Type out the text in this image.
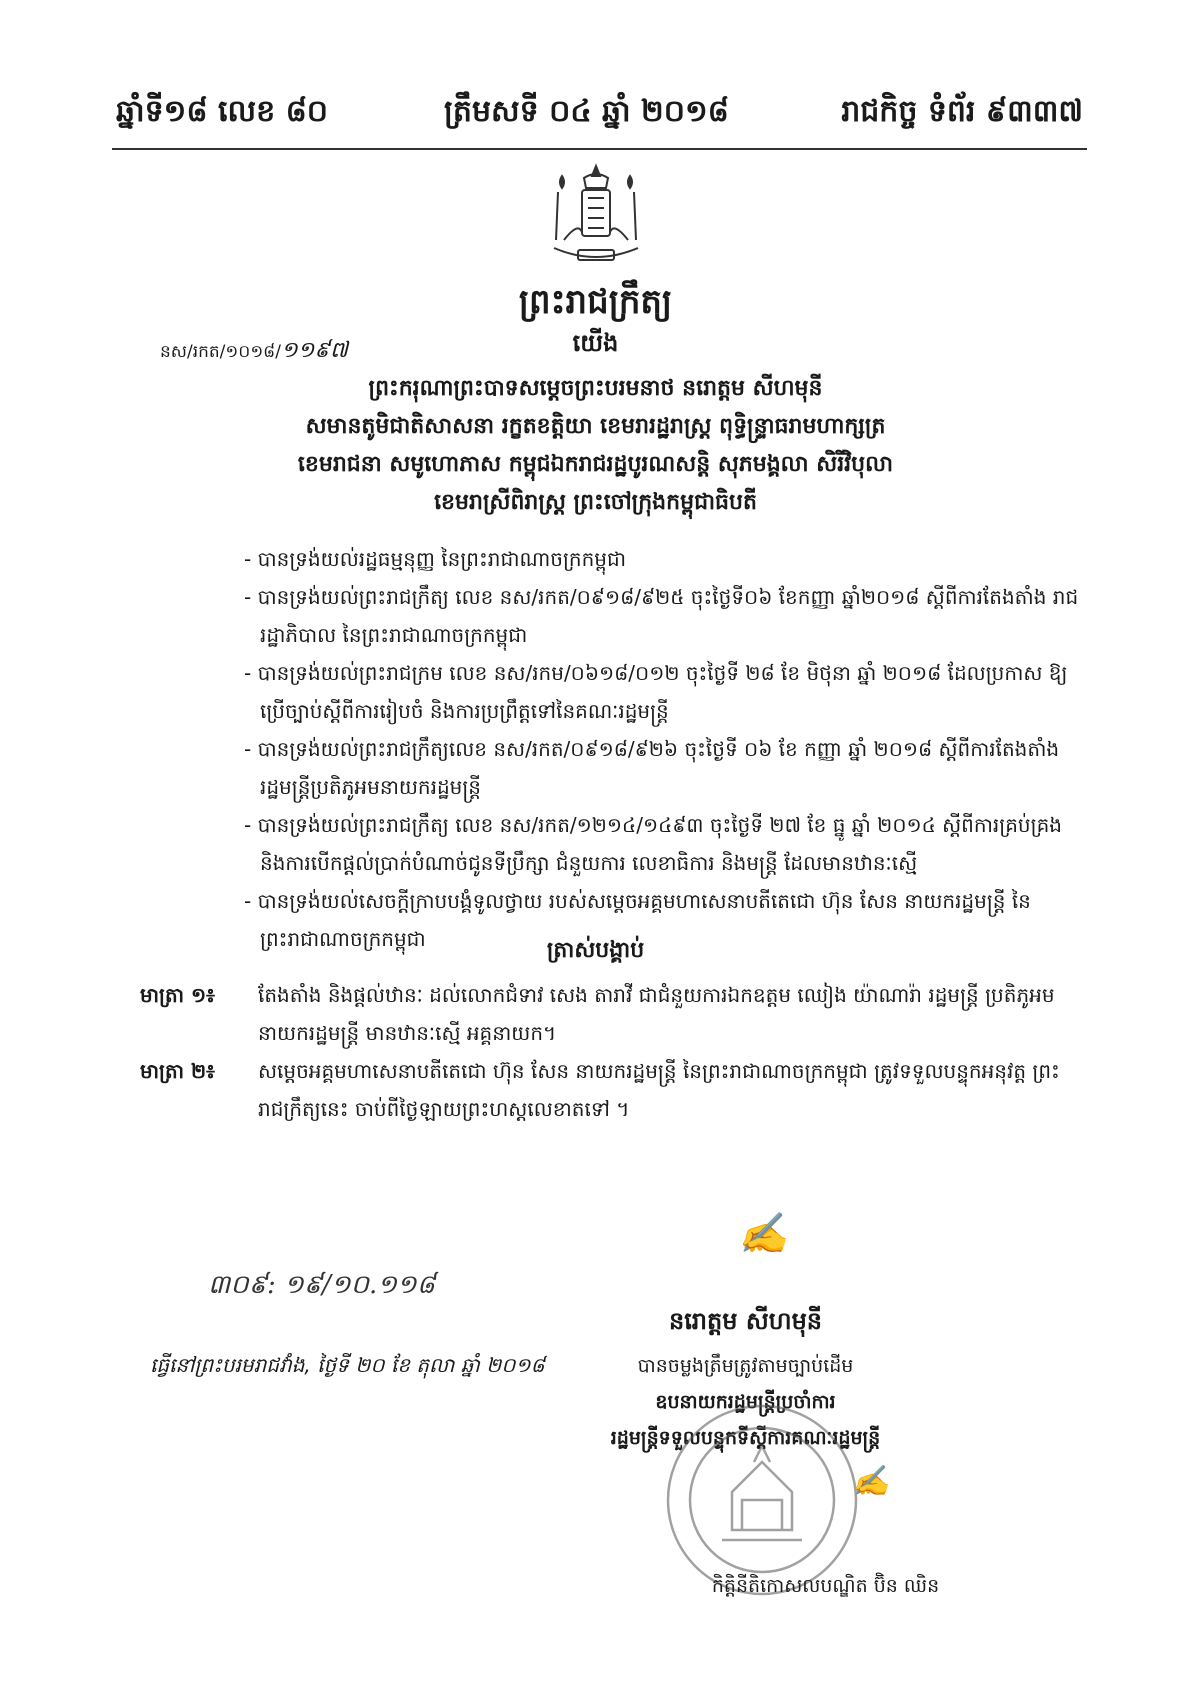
ឆ្នាំទី១៨ លេខ ៨០	ត្រឹមសទី ០៤ ឆ្នាំ ២០១៨	រាជកិច្ច ទំព័រ ៩៣៣៧
ព្រះរាជក្រឹត្យ
នស/រកត/១០១៨/១១៩៧	យើង
ព្រះករុណាព្រះបាទសម្តេចព្រះបរមនាថ នរោត្តម សីហមុនី
សមានតូមិជាតិសាសនា រក្ខតខត្តិយា ខេមរារដ្ឋរាស្ត្រ ពុទ្ធិន្ទ្រាធរាមហាក្សត្រ
ខេមរាជនា សមូហោភាស កម្ពុជឯករាជរដ្ឋបូរណសន្តិ សុភមង្គលា សិរីវិបុលា
ខេមរាស្រីពិរាស្ត្រ ព្រះចៅក្រុងកម្ពុជាធិបតី
- បានទ្រង់យល់រដ្ឋធម្មនុញ្ញ នៃព្រះរាជាណាចក្រកម្ពុជា
- បានទ្រង់យល់ព្រះរាជក្រឹត្យ លេខ នស/រកត/០៩១៨/៩២៥ ចុះថ្ងៃទី០៦ ខែកញ្ញា ឆ្នាំ២០១៨ ស្តីពីការតែងតាំង រាជរដ្ឋាភិបាល នៃព្រះរាជាណាចក្រកម្ពុជា
- បានទ្រង់យល់ព្រះរាជក្រម លេខ នស/រកម/០៦១៨/០១២ ចុះថ្ងៃទី ២៨ ខែ មិថុនា ឆ្នាំ ២០១៨ ដែលប្រកាស ឱ្យប្រើច្បាប់ស្តីពីការរៀបចំ និងការប្រព្រឹត្តទៅនៃគណៈរដ្ឋមន្ត្រី
- បានទ្រង់យល់ព្រះរាជក្រឹត្យលេខ នស/រកត/០៩១៨/៩២៦ ចុះថ្ងៃទី ០៦ ខែ កញ្ញា ឆ្នាំ ២០១៨ ស្តីពីការតែងតាំង រដ្ឋមន្ត្រីប្រតិភូអមនាយករដ្ឋមន្ត្រី
- បានទ្រង់យល់ព្រះរាជក្រឹត្យ លេខ នស/រកត/១២១៤/១៤៩៣ ចុះថ្ងៃទី ២៧ ខែ ធ្នូ ឆ្នាំ ២០១៤ ស្តីពីការគ្រប់គ្រង និងការបើកផ្តល់ប្រាក់បំណាច់ជូនទីប្រឹក្សា ជំនួយការ លេខាធិការ និងមន្ត្រី ដែលមានឋានៈស្មើ
- បានទ្រង់យល់សេចក្តីក្រាបបង្គំទូលថ្វាយ របស់សម្តេចអគ្គមហាសេនាបតីតេជោ ហ៊ុន សែន នាយករដ្ឋមន្ត្រី នៃ ព្រះរាជាណាចក្រកម្ពុជា	ត្រាស់បង្គាប់
មាត្រា ១៖	តែងតាំង និងផ្តល់ឋានៈ ដល់លោកជំទាវ សេង តារាវី ជាជំនួយការឯកឧត្តម ឈៀង យ៉ាណារ៉ា រដ្ឋមន្ត្រី ប្រតិភូអមនាយករដ្ឋមន្ត្រី មានឋានៈស្មើ អគ្គនាយក។
មាត្រា ២៖	សម្តេចអគ្គមហាសេនាបតីតេជោ ហ៊ុន សែន នាយករដ្ឋមន្ត្រី នៃព្រះរាជាណាចក្រកម្ពុជា ត្រូវទទួលបន្ទុកអនុវត្ត ព្រះរាជក្រឹត្យនេះ ចាប់ពីថ្ងៃឡាយព្រះហស្តលេខាតទៅ ។
៣០៩: ១៩/១០.១១៨
✍
នរោត្តម សីហមុនី
ធ្វើនៅព្រះបរមរាជវាំង, ថ្ងៃទី ២០ ខែ តុលា ឆ្នាំ ២០១៨	បានចម្លងត្រឹមត្រូវតាមច្បាប់ដើម
ឧបនាយករដ្ឋមន្ត្រីប្រចាំការ
រដ្ឋមន្ត្រីទទួលបន្ទុកទីស្តីការគណៈរដ្ឋមន្ត្រី
✍
កិត្តិនីតិកោសលបណ្ឌិត ប៊ិន ឈិន
